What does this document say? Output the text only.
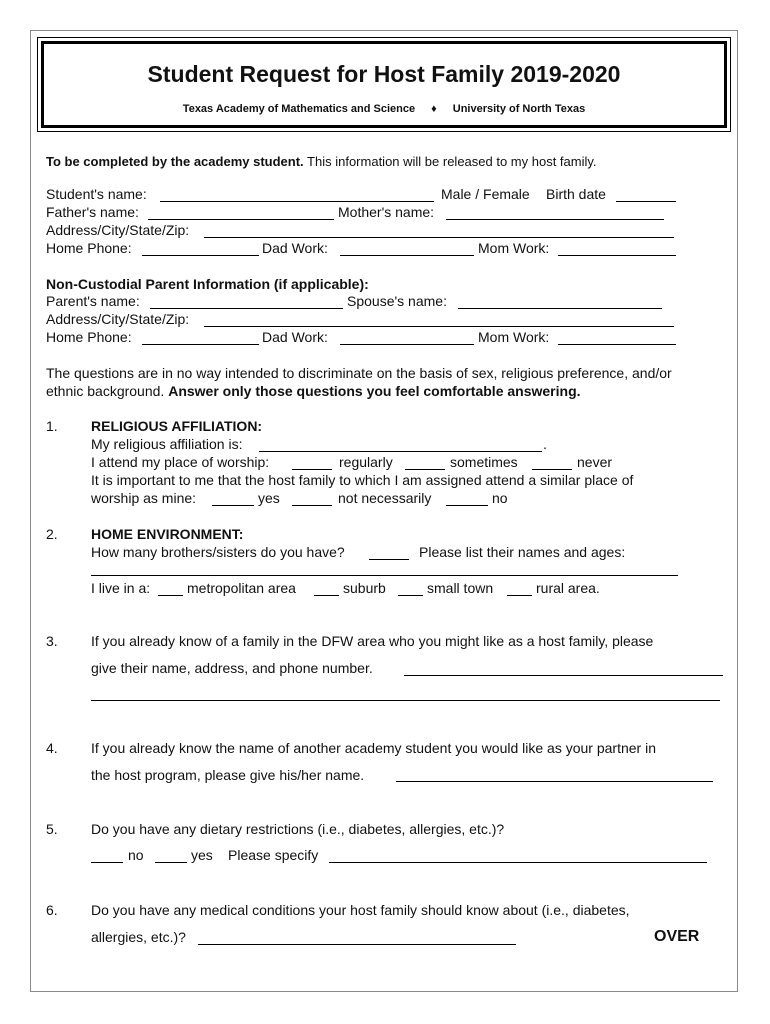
Student Request for Host Family 2019-2020
Texas Academy of Mathematics and Science ♦ University of North Texas
To be completed by the academy student. This information will be released to my host family.
Student's name:	Male / Female Birth date
Father's name:	Mother's name:
Address/City/State/Zip:
Home Phone:	Dad Work:	Mom Work:
Non-Custodial Parent Information (if applicable):
Parent's name:	Spouse's name:
Address/City/State/Zip:
Home Phone:	Dad Work:	Mom Work:
The questions are in no way intended to discriminate on the basis of sex, religious preference, and/or
ethnic background. Answer only those questions you feel comfortable answering.
1. RELIGIOUS AFFILIATION:
My religious affiliation is:	.
I attend my place of worship:	regularly	sometimes	never
It is important to me that the host family to which I am assigned attend a similar place of
worship as mine:	yes	not necessarily	no
2. HOME ENVIRONMENT:
How many brothers/sisters do you have?	Please list their names and ages:
I live in a:	metropolitan area	suburb	small town	rural area.
3. If you already know of a family in the DFW area who you might like as a host family, please
give their name, address, and phone number.
4. If you already know the name of another academy student you would like as your partner in
the host program, please give his/her name.
5. Do you have any dietary restrictions (i.e., diabetes, allergies, etc.)?
no	yes Please specify
6. Do you have any medical conditions your host family should know about (i.e., diabetes,
allergies, etc.)?	OVER
